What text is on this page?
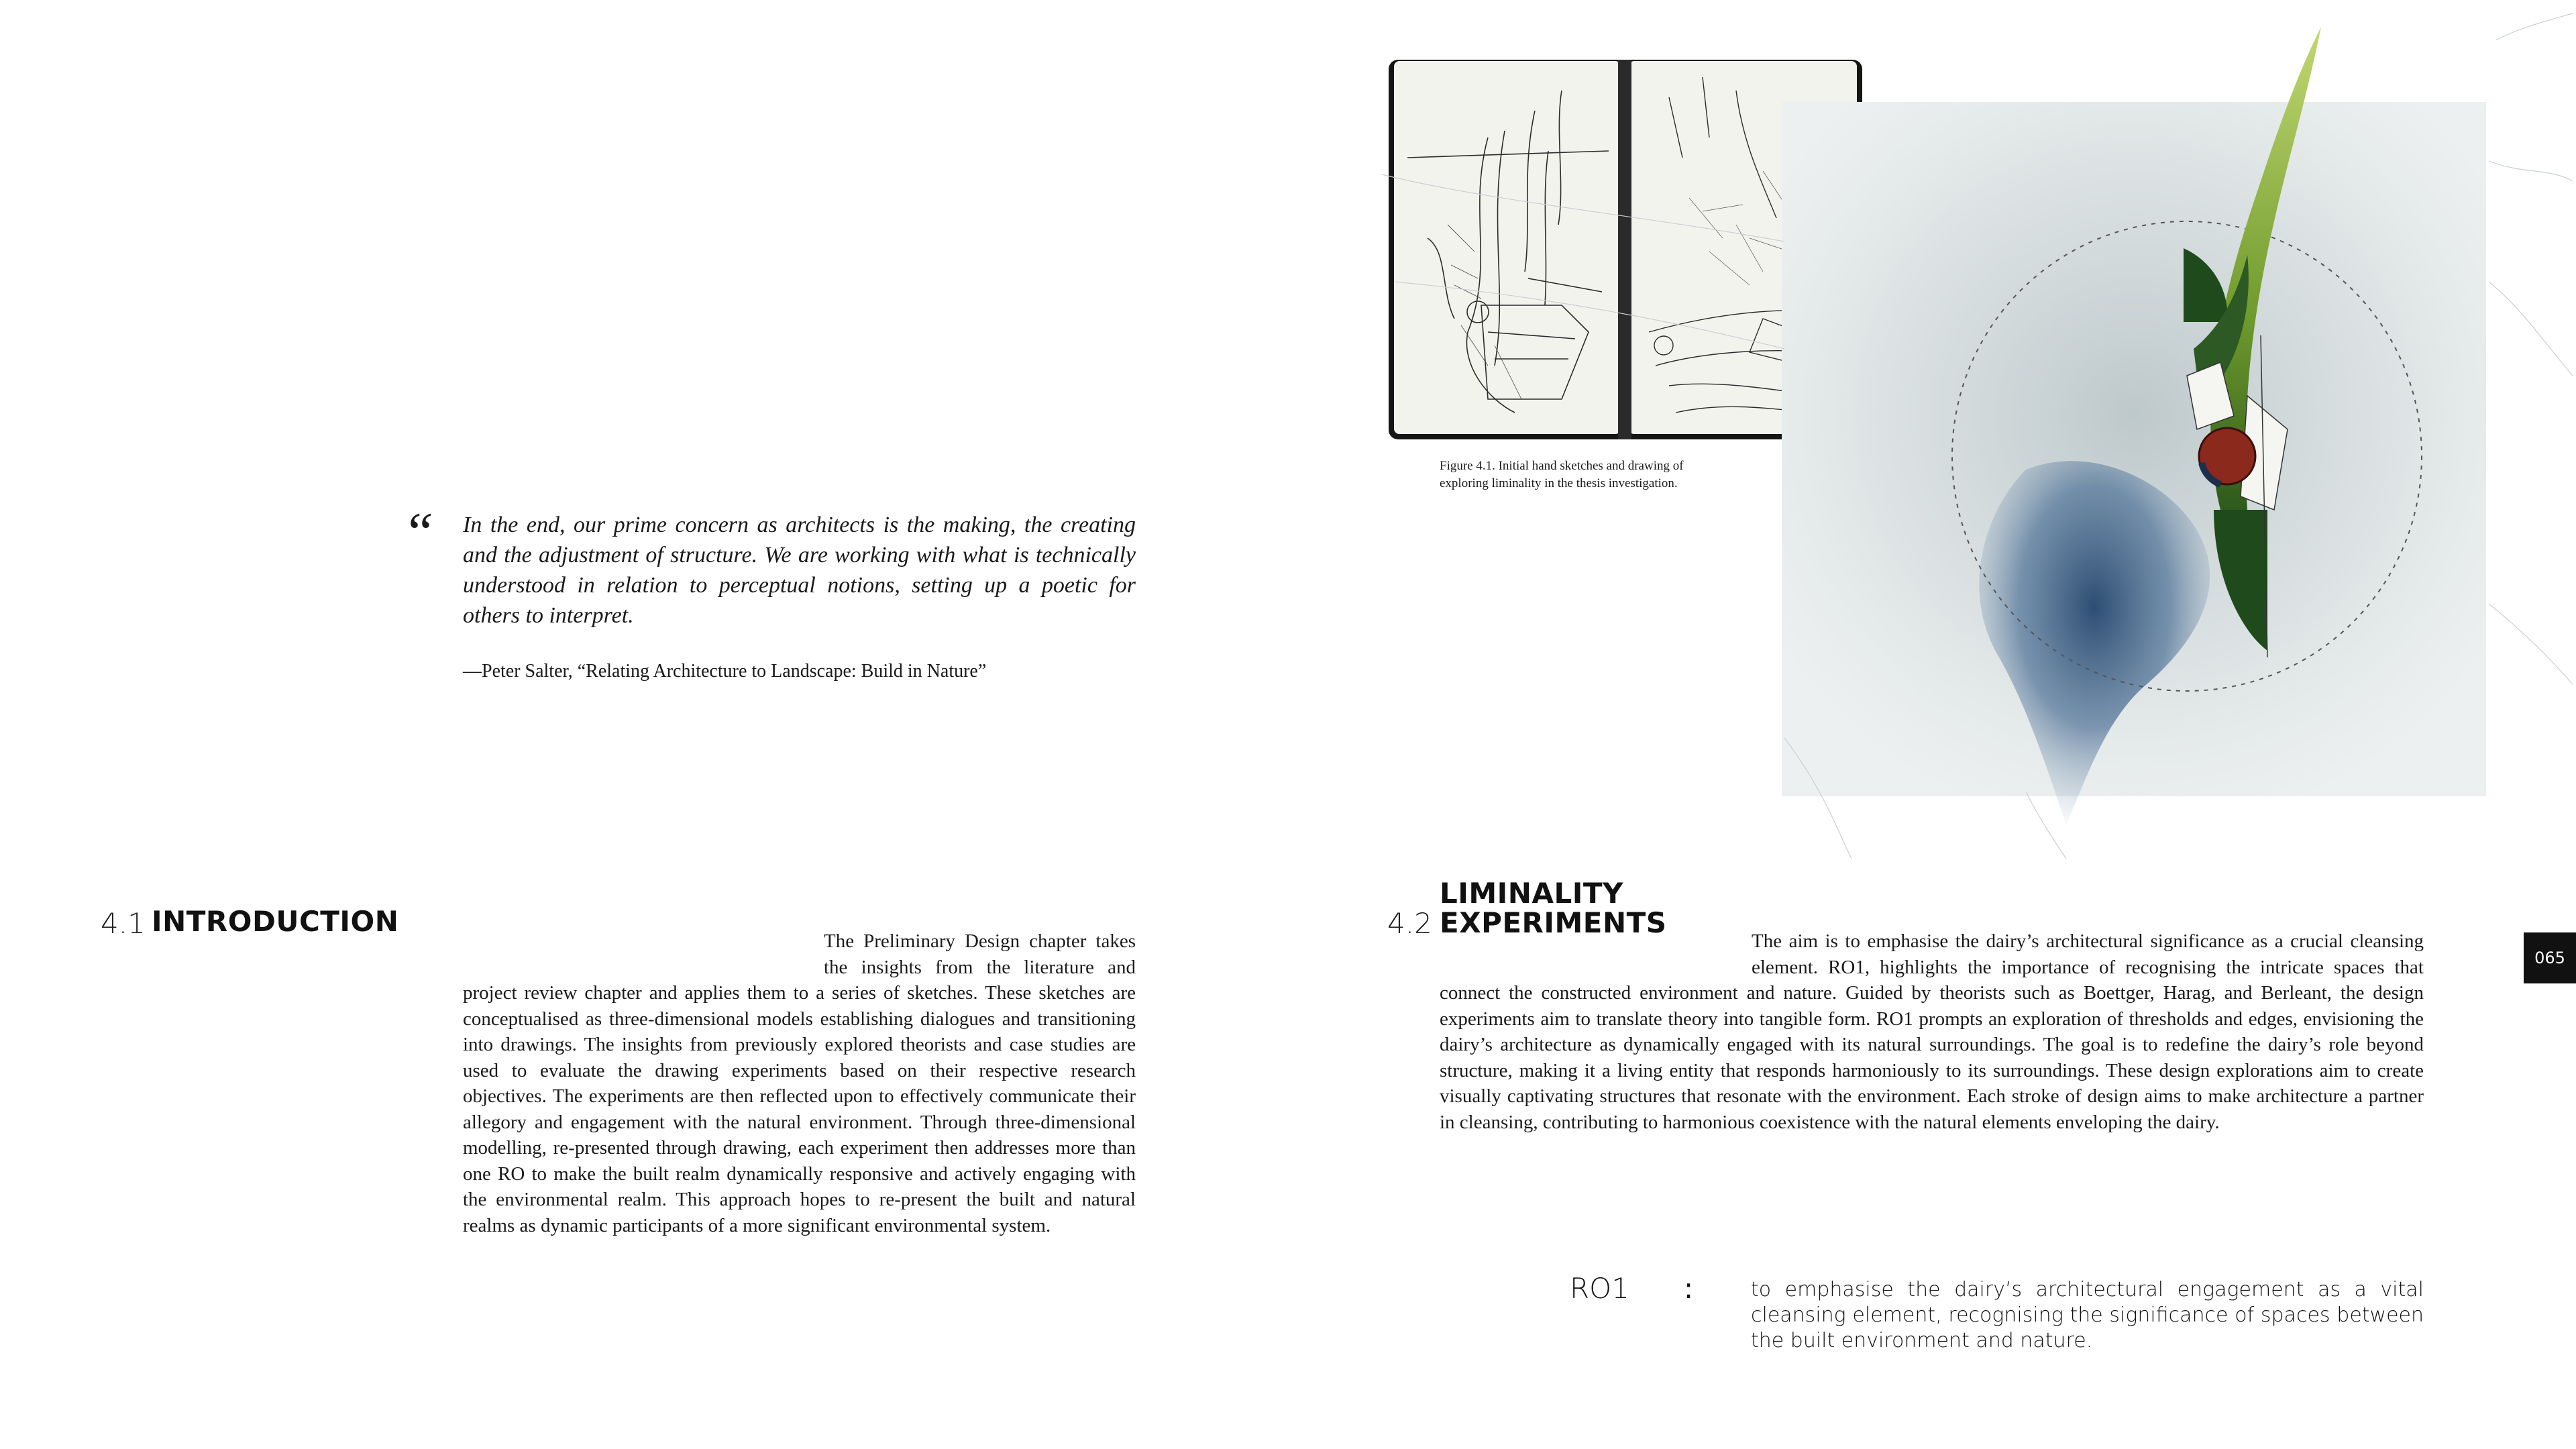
“ In the end, our prime concern as architects is the making, the creating and the adjustment of structure. We are working with what is technically understood in relation to perceptual notions, setting up a poetic for others to interpret.

—Peter Salter, “Relating Architecture to Landscape: Build in Nature”

4.1 INTRODUCTION

The Preliminary Design chapter takes the insights from the literature and project review chapter and applies them to a series of sketches. These sketches are conceptualised as three-dimensional models establishing dialogues and transitioning into drawings. The insights from previously explored theorists and case studies are used to evaluate the drawing experiments based on their respective research objectives. The experiments are then reflected upon to effectively communicate their allegory and engagement with the natural environment. Through three-dimensional modelling, re-presented through drawing, each experiment then addresses more than one RO to make the built realm dynamically responsive and actively engaging with the environmental realm. This approach hopes to re-present the built and natural realms as dynamic participants of a more significant environmental system.

Figure 4.1. Initial hand sketches and drawing of exploring liminality in the thesis investigation.

4.2
LIMINALITY
EXPERIMENTS

The aim is to emphasise the dairy’s architectural significance as a crucial cleansing element. RO1, highlights the importance of recognising the intricate spaces that connect the constructed environment and nature. Guided by theorists such as Boettger, Harag, and Berleant, the design experiments aim to translate theory into tangible form. RO1 prompts an exploration of thresholds and edges, envisioning the dairy’s architecture as dynamically engaged with its natural surroundings. The goal is to redefine the dairy’s role beyond structure, making it a living entity that responds harmoniously to its surroundings. These design explorations aim to create visually captivating structures that resonate with the environment. Each stroke of design aims to make architecture a partner in cleansing, contributing to harmonious coexistence with the natural elements enveloping the dairy.

RO1 :	to emphasise the dairy’s architectural engagement as a vital cleansing element, recognising the significance of spaces between the built environment and nature.

065
